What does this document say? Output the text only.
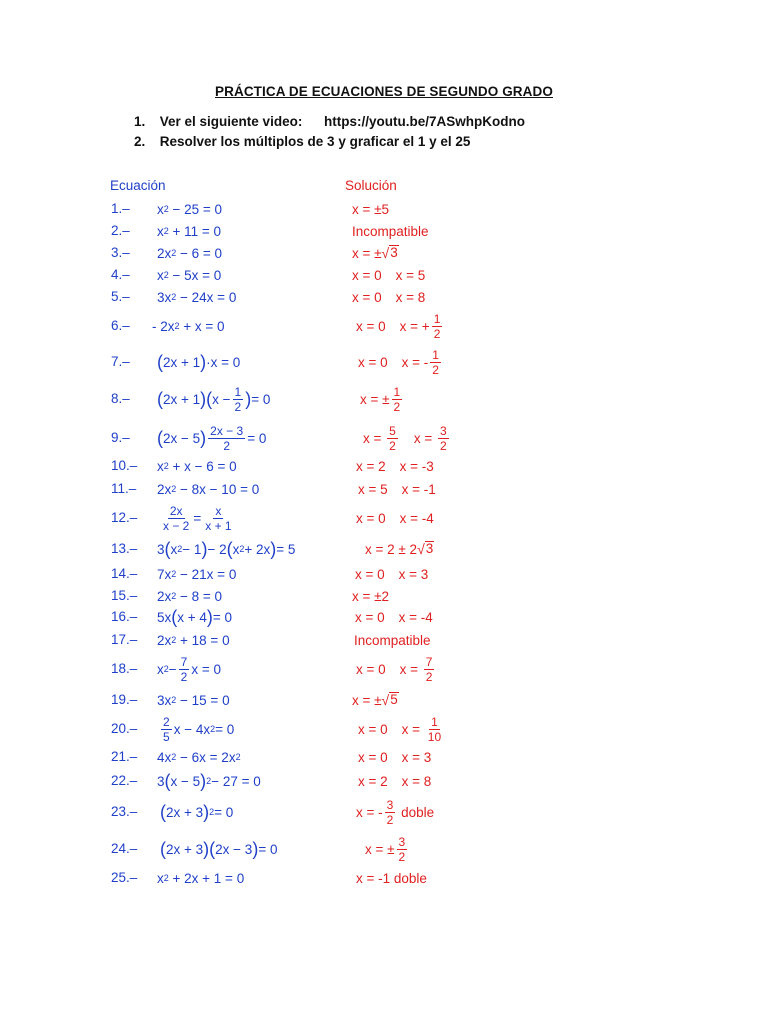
PRÁCTICA DE ECUACIONES DE SEGUNDO GRADO
1. Ver el siguiente video: https://youtu.be/7ASwhpKodno
2. Resolver los múltiplos de 3 y graficar el 1 y el 25
Ecuación	Solución
1.– x 2 − 25 = 0	x = ±5
2.– x 2 + 11 = 0	Incompatible
3.– 2x 2 − 6 = 0	x = ± √ 3
4.– x 2 − 5x = 0	x = 0 x = 5
5.– 3x 2 − 24x = 0	x = 0 x = 8
6.– - 2x 2 + x = 0	x = 0 x = + $\frac{1}{2}$
7.– ( 2x + 1 ) ·x = 0	x = 0 x = - $\frac{1}{2}$
8.– ( 2x + 1 ) ( $x - \frac{1}{2}$ ) = 0	x = ± $\frac{1}{2}$
9.– ( 2x − 5 ) $\frac{2x - 3}{2} = 0$	$x = \frac{5}{2}$ $x = \frac{3}{2}$
10.– x 2 + x − 6 = 0	x = 2 x = -3
11.– 2x 2 − 8x − 10 = 0	x = 5 x = -1
$12.- \frac{2x}{x - 2} = \frac{x}{x + 1}$	x = 0 x = -4
13.– 3 ( x 2 − 1 ) − 2 ( x 2 + 2x ) = 5	x = 2 ± 2 √ 3
14.– 7x 2 − 21x = 0	x = 0 x = 3
15.– 2x 2 − 8 = 0	x = ±2
16.– 5x ( x + 4 ) = 0	x = 0 x = -4
17.– 2x 2 + 18 = 0	Incompatible
18.– x $2 - \frac{7}{2}$ x = 0	x = 0 $x = \frac{7}{2}$
19.– 3x 2 − 15 = 0	x = ± √ 5
$20.- \frac{2}{5}$ x − 4x 2 = 0	x = 0 $x = \frac{1}{10}$
21.– 4x 2 − 6x = 2x 2	x = 0 x = 3
22.– 3 ( x − 5 ) 2 − 27 = 0	x = 2 x = 8
23.– ( 2x + 3 ) 2 = 0	x = - $\frac{3}{2}$ doble
24.– ( 2x + 3 ) ( 2x − 3 ) = 0	x = ± $\frac{3}{2}$
25.– x 2 + 2x + 1 = 0	x = -1 doble
